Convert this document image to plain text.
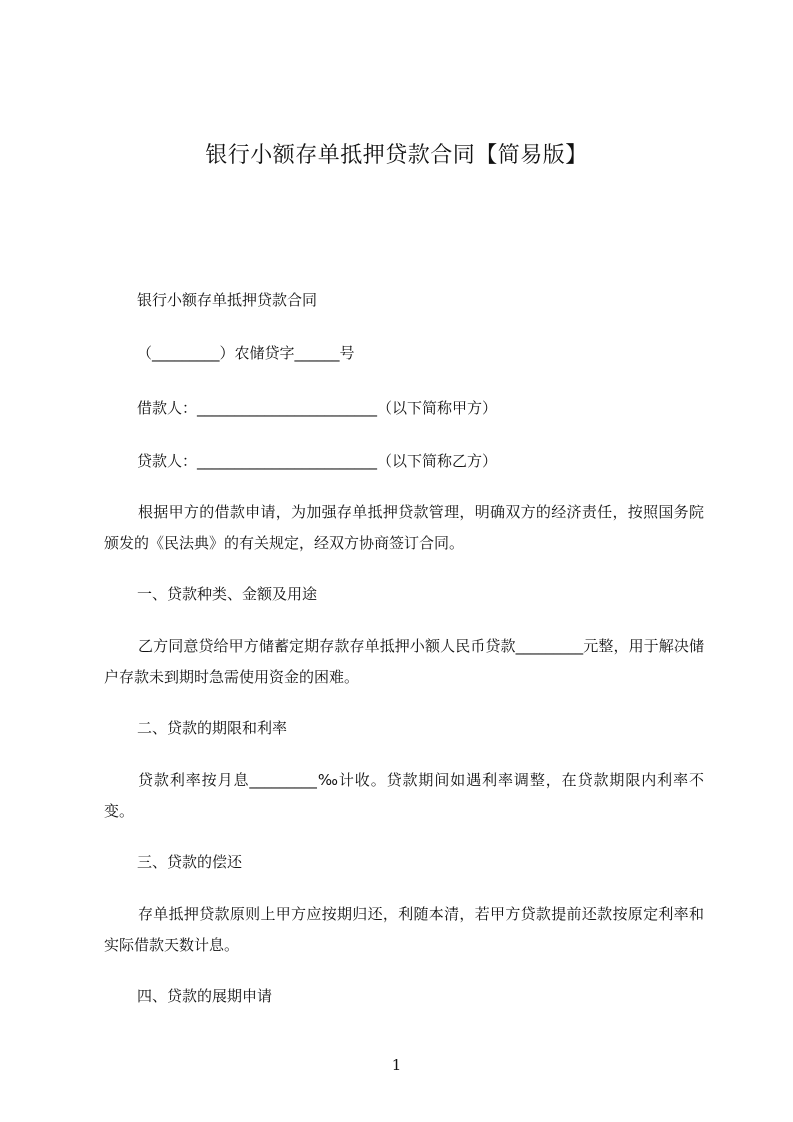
银行小额存单抵押贷款合同【简易版】
银行小额存单抵押贷款合同
（_________）农储贷字______号
借款人：________________________（以下简称甲方）
贷款人：________________________（以下简称乙方）
根据甲方的借款申请，为加强存单抵押贷款管理，明确双方的经济责任，按照国务院颁发的《民法典》的有关规定，经双方协商签订合同。
一、贷款种类、金额及用途
乙方同意贷给甲方储蓄定期存款存单抵押小额人民币贷款_________元整，用于解决储户存款未到期时急需使用资金的困难。
二、贷款的期限和利率
贷款利率按月息_________‰计收。贷款期间如遇利率调整，在贷款期限内利率不变。
三、贷款的偿还
存单抵押贷款原则上甲方应按期归还，利随本清，若甲方贷款提前还款按原定利率和实际借款天数计息。
四、贷款的展期申请
1
